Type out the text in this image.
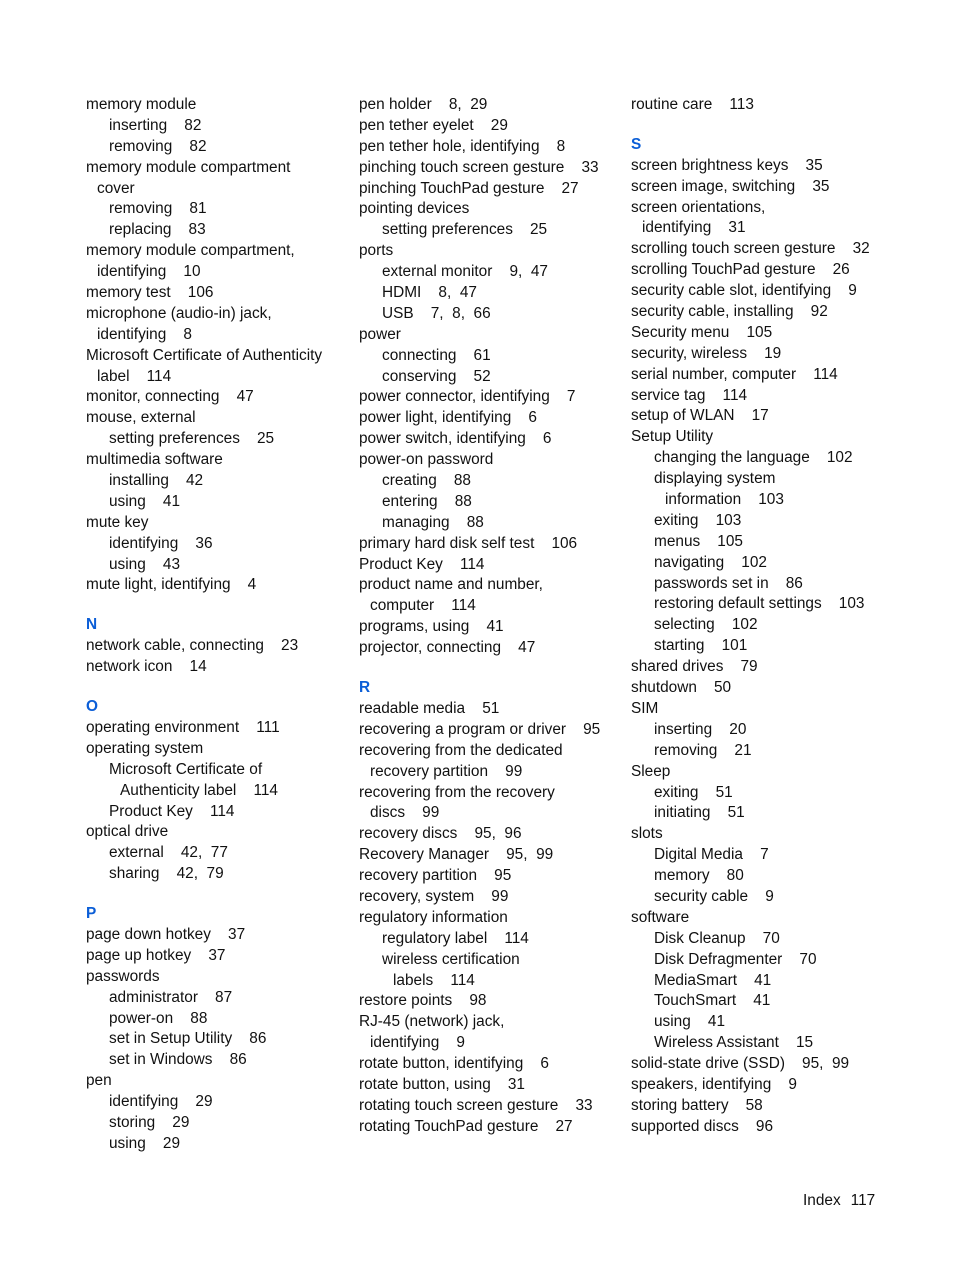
memory module
inserting    82
removing    82
memory module compartment
cover
removing    81
replacing    83
memory module compartment,
identifying    10
memory test    106
microphone (audio-in) jack,
identifying    8
Microsoft Certificate of Authenticity
label    114
monitor, connecting    47
mouse, external
setting preferences    25
multimedia software
installing    42
using    41
mute key
identifying    36
using    43
mute light, identifying    4
N
network cable, connecting    23
network icon    14
O
operating environment    111
operating system
Microsoft Certificate of
Authenticity label    114
Product Key    114
optical drive
external    42,  77
sharing    42,  79
P
page down hotkey    37
page up hotkey    37
passwords
administrator    87
power-on    88
set in Setup Utility    86
set in Windows    86
pen
identifying    29
storing    29
using    29
pen holder    8,  29
pen tether eyelet    29
pen tether hole, identifying    8
pinching touch screen gesture    33
pinching TouchPad gesture    27
pointing devices
setting preferences    25
ports
external monitor    9,  47
HDMI    8,  47
USB    7,  8,  66
power
connecting    61
conserving    52
power connector, identifying    7
power light, identifying    6
power switch, identifying    6
power-on password
creating    88
entering    88
managing    88
primary hard disk self test    106
Product Key    114
product name and number,
computer    114
programs, using    41
projector, connecting    47
R
readable media    51
recovering a program or driver    95
recovering from the dedicated
recovery partition    99
recovering from the recovery
discs    99
recovery discs    95,  96
Recovery Manager    95,  99
recovery partition    95
recovery, system    99
regulatory information
regulatory label    114
wireless certification
labels    114
restore points    98
RJ-45 (network) jack,
identifying    9
rotate button, identifying    6
rotate button, using    31
rotating touch screen gesture    33
rotating TouchPad gesture    27
routine care    113
S
screen brightness keys    35
screen image, switching    35
screen orientations,
identifying    31
scrolling touch screen gesture    32
scrolling TouchPad gesture    26
security cable slot, identifying    9
security cable, installing    92
Security menu    105
security, wireless    19
serial number, computer    114
service tag    114
setup of WLAN    17
Setup Utility
changing the language    102
displaying system
information    103
exiting    103
menus    105
navigating    102
passwords set in    86
restoring default settings    103
selecting    102
starting    101
shared drives    79
shutdown    50
SIM
inserting    20
removing    21
Sleep
exiting    51
initiating    51
slots
Digital Media    7
memory    80
security cable    9
software
Disk Cleanup    70
Disk Defragmenter    70
MediaSmart    41
TouchSmart    41
using    41
Wireless Assistant    15
solid-state drive (SSD)    95,  99
speakers, identifying    9
storing battery    58
supported discs    96
Index 117
